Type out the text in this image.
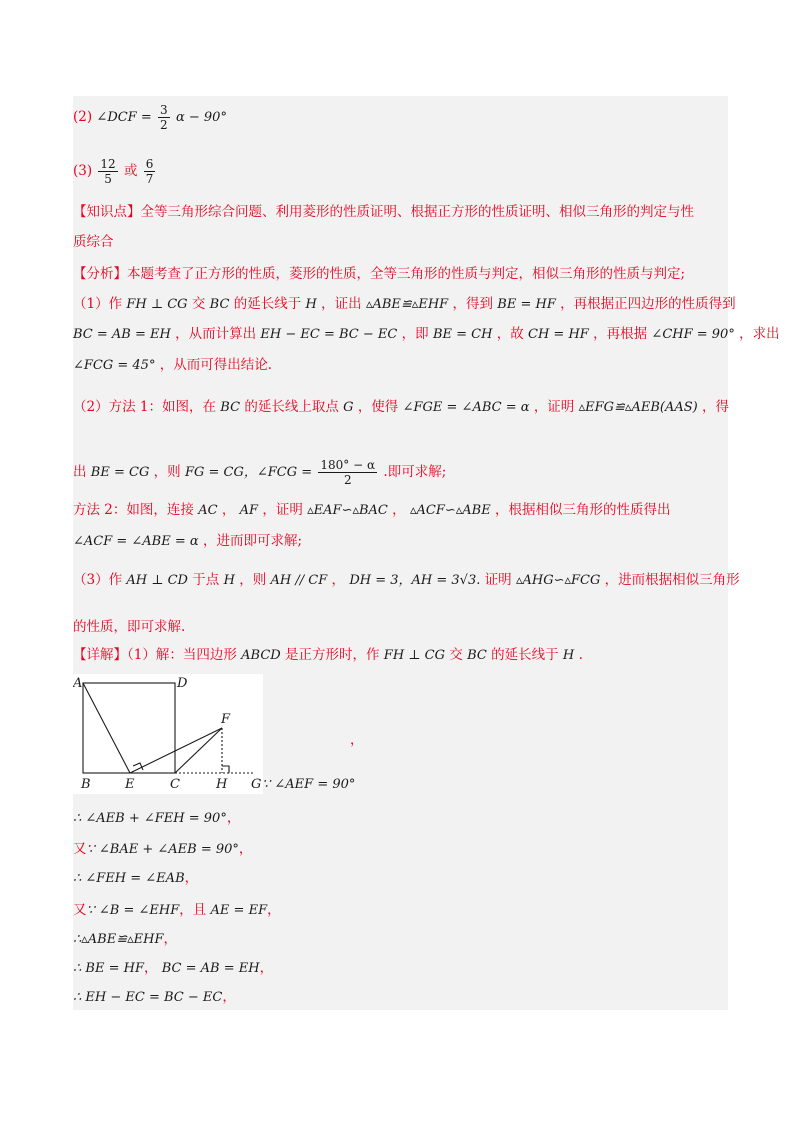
(2) ∠DCF = $\frac{3}{2}$ α − 90°
$(3) \frac{12}{5}$ 或 $\frac{6}{7}$
【知识点】全等三角形综合问题、利用菱形的性质证明、根据正方形的性质证明、相似三角形的判定与性
质综合
【分析】本题考查了正方形的性质，菱形的性质，全等三角形的性质与判定，相似三角形的性质与判定;
（1）作 FH ⊥ CG 交 BC 的延长线于 H ，证出 ▵ABE≌▵EHF ，得到 BE = HF ，再根据正四边形的性质得到
BC = AB = EH ，从而计算出 EH − EC = BC − EC ，即 BE = CH ，故 CH = HF ，再根据 ∠CHF = 90° ，求出
∠FCG = 45° ，从而可得出结论.
（2）方法 1：如图，在 BC 的延长线上取点 G ，使得 ∠FGE = ∠ABC = α ，证明 ▵EFG≌▵AEB(AAS) ，得
出 BE = CG ，则 FG = CG，∠FCG = $\frac{180^\circ - \alpha}{2}$ .即可求解;
方法 2：如图，连接 AC ， AF ，证明 ▵EAF∽▵BAC ， ▵ACF∽▵ABE ，根据相似三角形的性质得出
∠ACF = ∠ABE = α ，进而即可求解;
（3）作 AH ⊥ CD 于点 H ，则 AH // CF ， DH = 3，AH = 3√3. 证明 ▵AHG∽▵FCG ，进而根据相似三角形
的性质，即可求解.
【详解】（1）解：当四边形 ABCD 是正方形时，作 FH ⊥ CG 交 BC 的延长线于 H .
A	D
F
B	E	C	H G
，
∵ ∠AEF = 90°
∴ ∠AEB + ∠FEH = 90°，
又∵ ∠BAE + ∠AEB = 90°，
∴ ∠FEH = ∠EAB，
又∵ ∠B = ∠EHF，且 AE = EF，
∴▵ABE≌▵EHF，
∴ BE = HF， BC = AB = EH，
∴ EH − EC = BC − EC，
